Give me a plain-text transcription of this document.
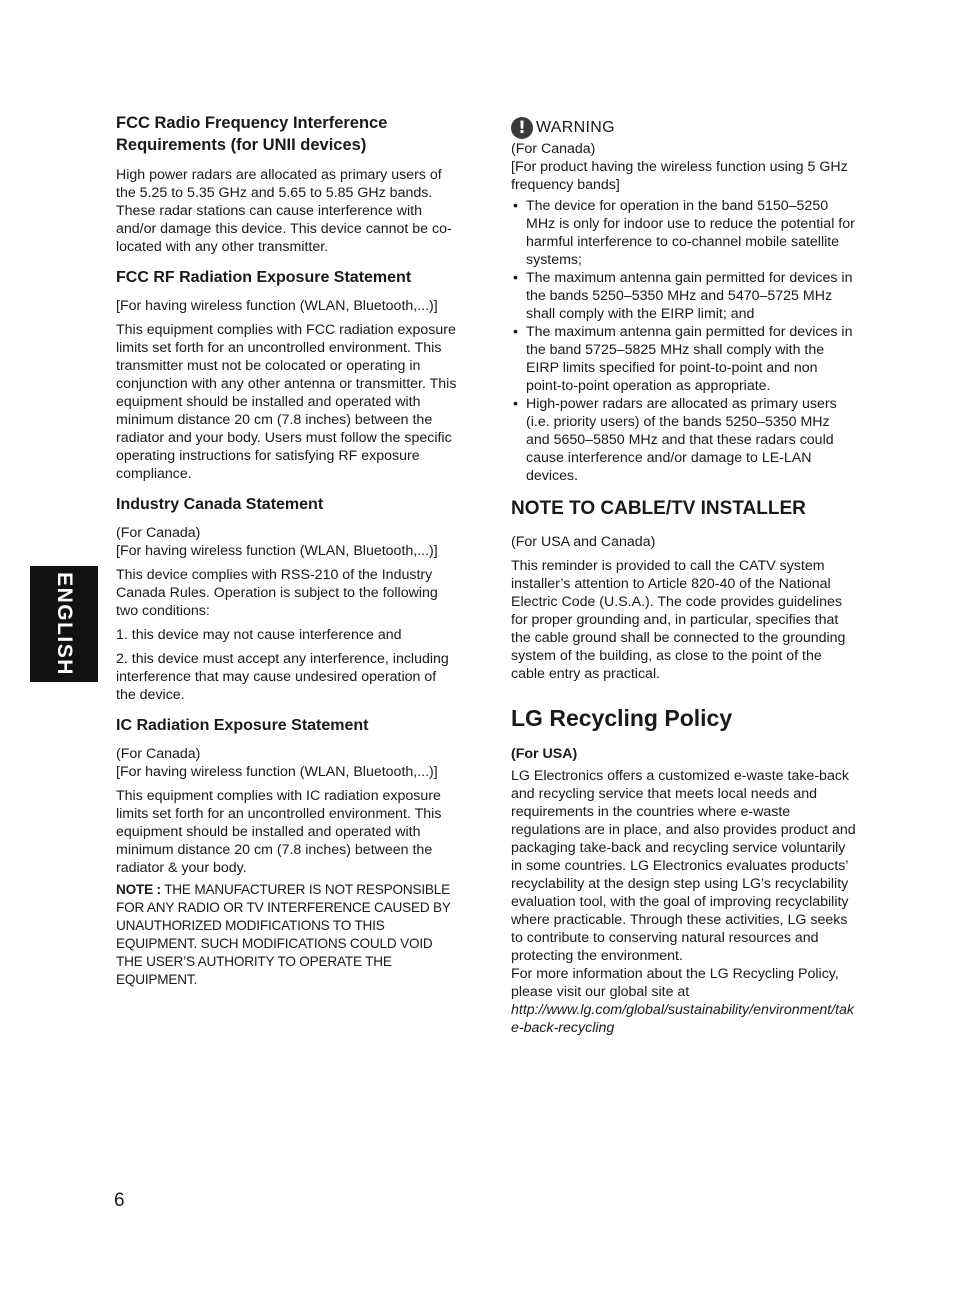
ENGLISH
FCC Radio Frequency Interference Requirements (for UNII devices)

High power radars are allocated as primary users of the 5.25 to 5.35 GHz and 5.65 to 5.85 GHz bands. These radar stations can cause interference with and/or damage this device. This device cannot be co-located with any other transmitter.

FCC RF Radiation Exposure Statement

[For having wireless function (WLAN, Bluetooth,...)]

This equipment complies with FCC radiation exposure limits set forth for an uncontrolled environment. This transmitter must not be colocated or operating in conjunction with any other antenna or transmitter. This equipment should be installed and operated with minimum distance 20 cm (7.8 inches) between the radiator and your body. Users must follow the specific operating instructions for satisfying RF exposure compliance.

Industry Canada Statement

(For Canada)

[For having wireless function (WLAN, Bluetooth,...)]

This device complies with RSS-210 of the Industry Canada Rules. Operation is subject to the following two conditions:

1. this device may not cause interference and

2. this device must accept any interference, including interference that may cause undesired operation of the device.

IC Radiation Exposure Statement

(For Canada)

[For having wireless function (WLAN, Bluetooth,...)]

This equipment complies with IC radiation exposure limits set forth for an uncontrolled environment. This equipment should be installed and operated with minimum distance 20 cm (7.8 inches) between the radiator & your body.

NOTE : THE MANUFACTURER IS NOT RESPONSIBLE FOR ANY RADIO OR TV INTERFERENCE CAUSED BY UNAUTHORIZED MODIFICATIONS TO THIS EQUIPMENT. SUCH MODIFICATIONS COULD VOID THE USER’S AUTHORITY TO OPERATE THE EQUIPMENT.

! WARNING

(For Canada)

[For product having the wireless function using 5 GHz frequency bands]

• The device for operation in the band 5150–5250 MHz is only for indoor use to reduce the potential for harmful interference to co-channel mobile satellite systems;
• The maximum antenna gain permitted for devices in the bands 5250–5350 MHz and 5470–5725 MHz shall comply with the EIRP limit; and
• The maximum antenna gain permitted for devices in the band 5725–5825 MHz shall comply with the EIRP limits specified for point-to-point and non point-to-point operation as appropriate.
• High-power radars are allocated as primary users (i.e. priority users) of the bands 5250–5350 MHz and 5650–5850 MHz and that these radars could cause interference and/or damage to LE-LAN devices.
NOTE TO CABLE/TV INSTALLER

(For USA and Canada)

This reminder is provided to call the CATV system installer’s attention to Article 820-40 of the National Electric Code (U.S.A.). The code provides guidelines for proper grounding and, in particular, specifies that the cable ground shall be connected to the grounding system of the building, as close to the point of the cable entry as practical.

LG Recycling Policy
(For USA)

LG Electronics offers a customized e-waste take-back and recycling service that meets local needs and requirements in the countries where e-waste regulations are in place, and also provides product and packaging take-back and recycling service voluntarily in some countries. LG Electronics evaluates products’ recyclability at the design step using LG’s recyclability evaluation tool, with the goal of improving recyclability where practicable. Through these activities, LG seeks to contribute to conserving natural resources and protecting the environment.

For more information about the LG Recycling Policy, please visit our global site at

http://www.lg.com/global/sustainability/environment/take-back-recycling

6
